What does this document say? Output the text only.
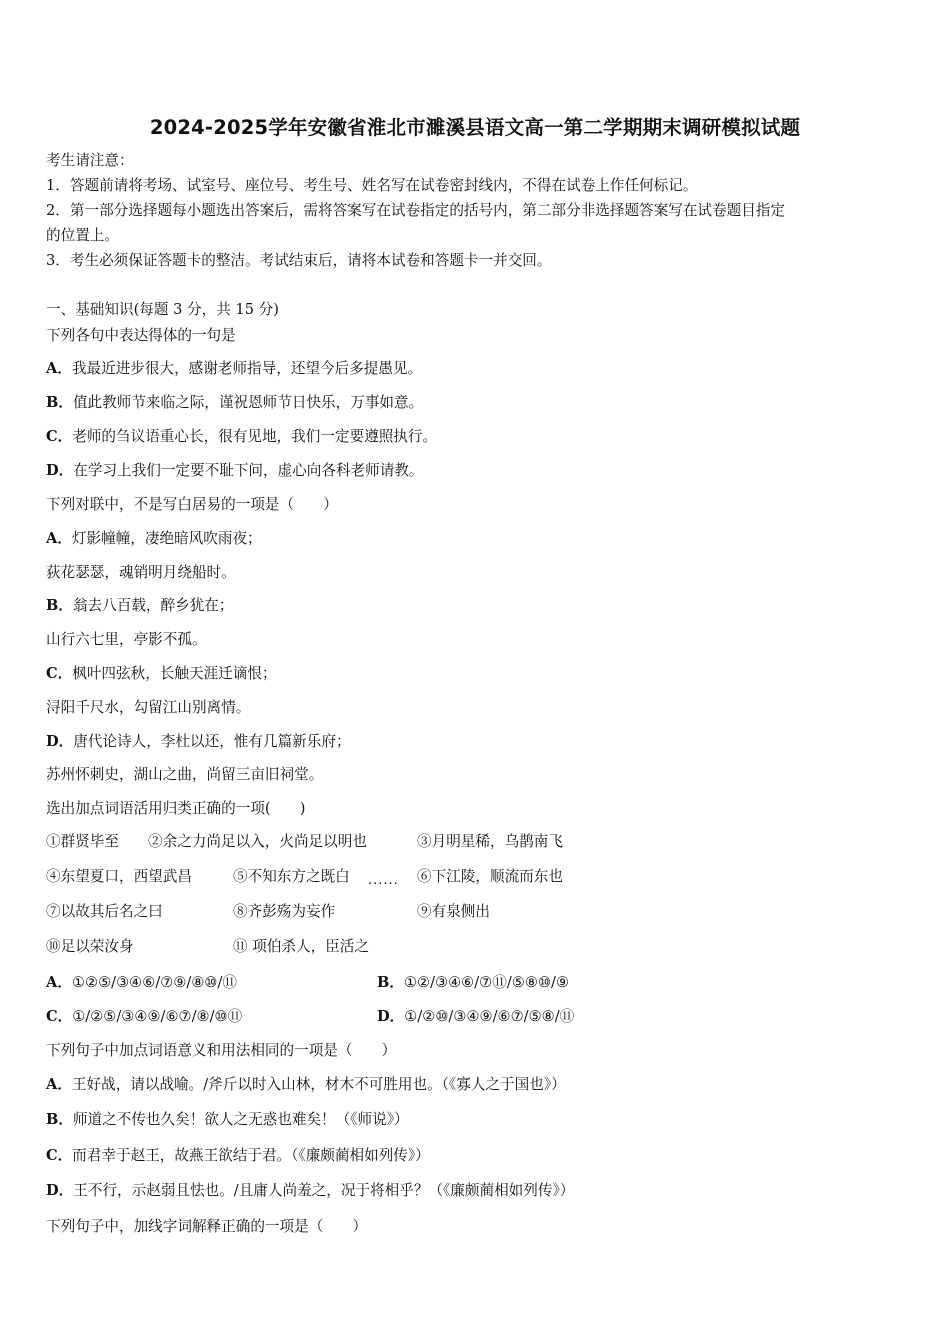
2024-2025学年安徽省淮北市濉溪县语文高一第二学期期末调研模拟试题
考生请注意：
1．答题前请将考场、试室号、座位号、考生号、姓名写在试卷密封线内，不得在试卷上作任何标记。
2．第一部分选择题每小题选出答案后，需将答案写在试卷指定的括号内，第二部分非选择题答案写在试卷题目指定
的位置上。
3．考生必须保证答题卡的整洁。考试结束后，请将本试卷和答题卡一并交回。
一、基础知识(每题 3 分，共 15 分)
下列各句中表达得体的一句是
A．我最近进步很大，感谢老师指导，还望今后多提愚见。
B．值此教师节来临之际，谨祝恩师节日快乐，万事如意。
C．老师的刍议语重心长，很有见地，我们一定要遵照执行。
D．在学习上我们一定要不耻下问，虚心向各科老师请教。
下列对联中，不是写白居易的一项是（　　）
A．灯影幢幢，凄绝暗风吹雨夜；
荻花瑟瑟，魂销明月绕船时。
B．翁去八百载，醉乡犹在；
山行六七里，亭影不孤。
C．枫叶四弦秋，长触天涯迁谪恨；
浔阳千尺水，勾留江山别离情。
D．唐代论诗人，李杜以还，惟有几篇新乐府；
苏州怀刺史，湖山之曲，尚留三亩旧祠堂。
选出加点词语活用归类正确的一项(　　)
①群贤毕至 ②余之力尚足以入，火尚足以明也	③月明星稀，乌鹊南飞
④东望夏口，西望武昌	⑤不知东方之既白 ...... ⑥下江陵，顺流而东也
⑦以故其后名之曰	⑧齐彭殇为妄作	⑨有泉侧出
⑩足以荣汝身	⑪ 项伯杀人，臣活之
A．①②⑤/③④⑥/⑦⑨/⑧⑩/⑪	B．①②/③④⑥/⑦⑪/⑤⑧⑩/⑨
C．①/②⑤/③④⑨/⑥⑦/⑧/⑩⑪	D．①/②⑩/③④⑨/⑥⑦/⑤⑧/⑪
下列句子中加点词语意义和用法相同的一项是（　　）
A．王好战，请以战喻。/斧斤以时入山林，材木不可胜用也。（《寡人之于国也》）
B．师道之不传也久矣！欲人之无惑也难矣！（《师说》）
C．而君幸于赵王，故燕王欲结于君。（《廉颇蔺相如列传》）
D．王不行，示赵弱且怯也。/且庸人尚羞之，况于将相乎？（《廉颇蔺相如列传》）
下列句子中，加线字词解释正确的一项是（　　）
